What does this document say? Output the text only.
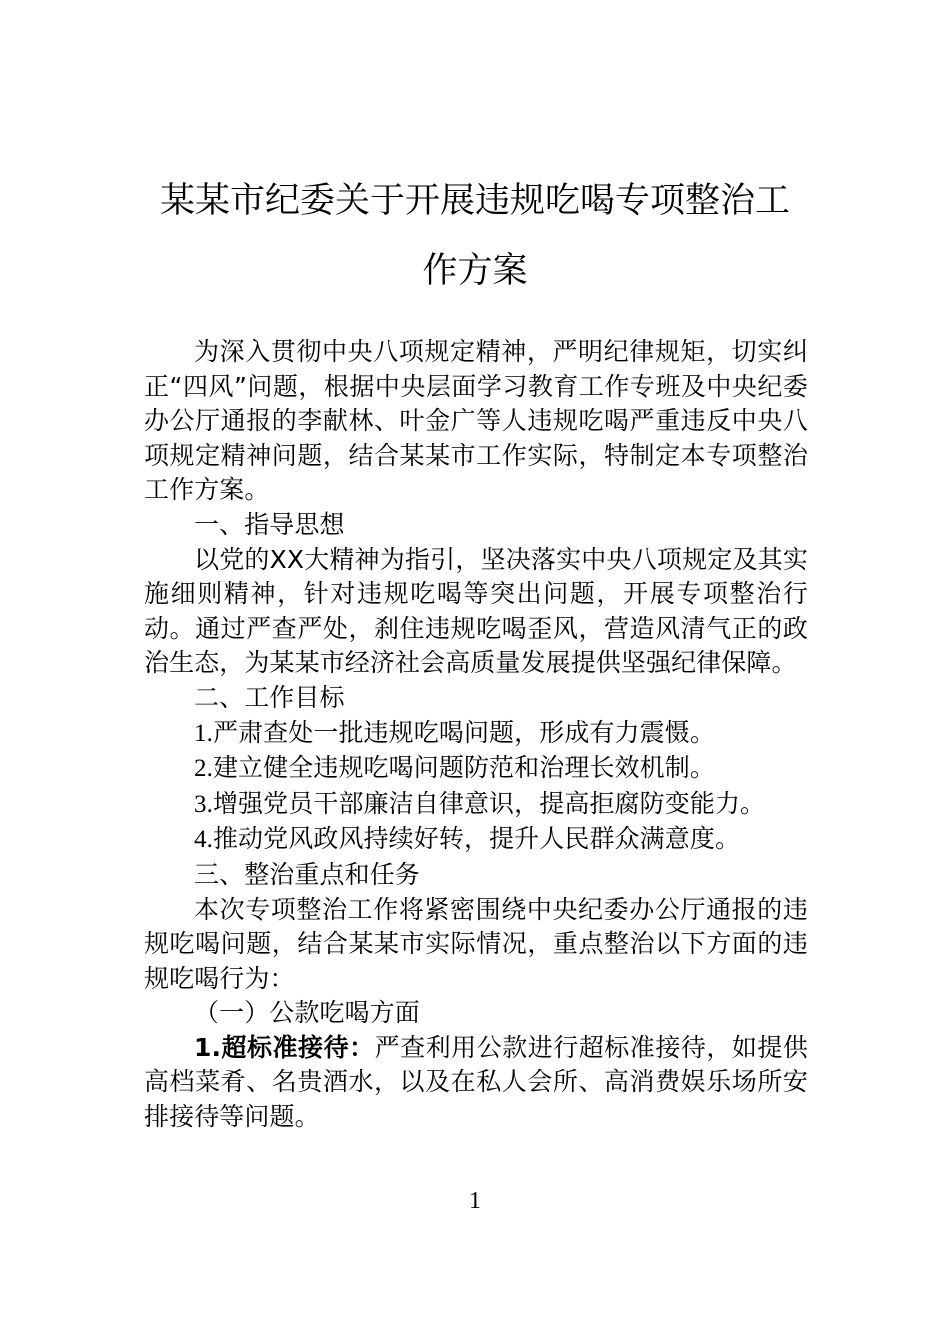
某某市纪委关于开展违规吃喝专项整治工
作方案

为深入贯彻中央八项规定精神，严明纪律规矩，切实纠正“四风”问题，根据中央层面学习教育工作专班及中央纪委办公厅通报的李献林、叶金广等人违规吃喝严重违反中央八项规定精神问题，结合某某市工作实际，特制定本专项整治工作方案。

一、指导思想

以党的XX大精神为指引，坚决落实中央八项规定及其实施细则精神，针对违规吃喝等突出问题，开展专项整治行动。通过严查严处，刹住违规吃喝歪风，营造风清气正的政治生态，为某某市经济社会高质量发展提供坚强纪律保障。

二、工作目标

1.严肃查处一批违规吃喝问题，形成有力震慑。

2.建立健全违规吃喝问题防范和治理长效机制。

3.增强党员干部廉洁自律意识，提高拒腐防变能力。

4.推动党风政风持续好转，提升人民群众满意度。

三、整治重点和任务

本次专项整治工作将紧密围绕中央纪委办公厅通报的违规吃喝问题，结合某某市实际情况，重点整治以下方面的违规吃喝行为：

（一）公款吃喝方面

1.超标准接待：严查利用公款进行超标准接待，如提供高档菜肴、名贵酒水，以及在私人会所、高消费娱乐场所安排接待等问题。

1
